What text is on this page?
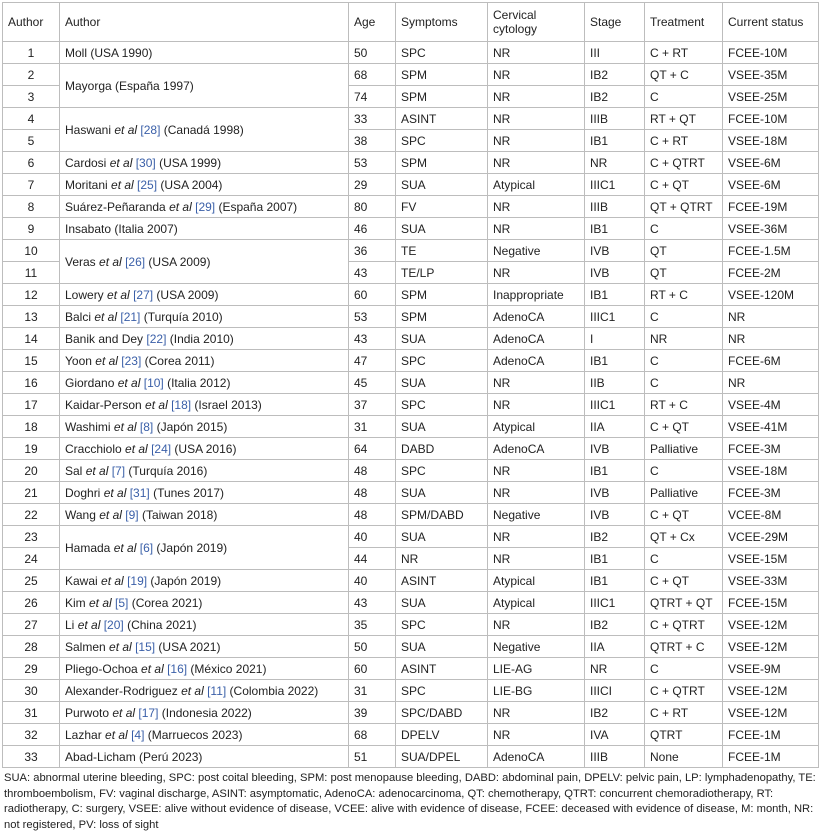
Author	Author	Age	Symptoms	Cervical cytology	Stage	Treatment	Current status
1	Moll (USA 1990)	50	SPC	NR	III	C + RT	FCEE-10M
2	Mayorga (España 1997)	68	SPM	NR	IB2	QT + C	VSEE-35M
3		74	SPM	NR	IB2	C	VSEE-25M
4	Haswani et al [28] (Canadá 1998)	33	ASINT	NR	IIIB	RT + QT	FCEE-10M
5		38	SPC	NR	IB1	C + RT	VSEE-18M
6	Cardosi et al [30] (USA 1999)	53	SPM	NR	NR	C + QTRT	VSEE-6M
7	Moritani et al [25] (USA 2004)	29	SUA	Atypical	IIIC1	C + QT	VSEE-6M
8	Suárez-Peñaranda et al [29] (España 2007)	80	FV	NR	IIIB	QT + QTRT	FCEE-19M
9	Insabato (Italia 2007)	46	SUA	NR	IB1	C	VSEE-36M
10	Veras et al [26] (USA 2009)	36	TE	Negative	IVB	QT	FCEE-1.5M
11		43	TE/LP	NR	IVB	QT	FCEE-2M
12	Lowery et al [27] (USA 2009)	60	SPM	Inappropriate	IB1	RT + C	VSEE-120M
13	Balci et al [21] (Turquía 2010)	53	SPM	AdenoCA	IIIC1	C	NR
14	Banik and Dey [22] (India 2010)	43	SUA	AdenoCA	I	NR	NR
15	Yoon et al [23] (Corea 2011)	47	SPC	AdenoCA	IB1	C	FCEE-6M
16	Giordano et al [10] (Italia 2012)	45	SUA	NR	IIB	C	NR
17	Kaidar-Person et al [18] (Israel 2013)	37	SPC	NR	IIIC1	RT + C	VSEE-4M
18	Washimi et al [8] (Japón 2015)	31	SUA	Atypical	IIA	C + QT	VSEE-41M
19	Cracchiolo et al [24] (USA 2016)	64	DABD	AdenoCA	IVB	Palliative	FCEE-3M
20	Sal et al [7] (Turquía 2016)	48	SPC	NR	IB1	C	VSEE-18M
21	Doghri et al [31] (Tunes 2017)	48	SUA	NR	IVB	Palliative	FCEE-3M
22	Wang et al [9] (Taiwan 2018)	48	SPM/DABD	Negative	IVB	C + QT	VCEE-8M
23	Hamada et al [6] (Japón 2019)	40	SUA	NR	IB2	QT + Cx	VCEE-29M
24		44	NR	NR	IB1	C	VSEE-15M
25	Kawai et al [19] (Japón 2019)	40	ASINT	Atypical	IB1	C + QT	VSEE-33M
26	Kim et al [5] (Corea 2021)	43	SUA	Atypical	IIIC1	QTRT + QT	FCEE-15M
27	Li et al [20] (China 2021)	35	SPC	NR	IB2	C + QTRT	VSEE-12M
28	Salmen et al [15] (USA 2021)	50	SUA	Negative	IIA	QTRT + C	VSEE-12M
29	Pliego-Ochoa et al [16] (México 2021)	60	ASINT	LIE-AG	NR	C	VSEE-9M
30	Alexander-Rodriguez et al [11] (Colombia 2022)	31	SPC	LIE-BG	IIICI	C + QTRT	VSEE-12M
31	Purwoto et al [17] (Indonesia 2022)	39	SPC/DABD	NR	IB2	C + RT	VSEE-12M
32	Lazhar et al [4] (Marruecos 2023)	68	DPELV	NR	IVA	QTRT	FCEE-1M
33	Abad-Licham (Perú 2023)	51	SUA/DPEL	AdenoCA	IIIB	None	FCEE-1M
SUA: abnormal uterine bleeding, SPC: post coital bleeding, SPM: post menopause bleeding, DABD: abdominal pain, DPELV: pelvic pain, LP: lymphadenopathy, TE: thromboembolism, FV: vaginal discharge, ASINT: asymptomatic, AdenoCA: adenocarcinoma, QT: chemotherapy, QTRT: concurrent chemoradiotherapy, RT: radiotherapy, C: surgery, VSEE: alive without evidence of disease, VCEE: alive with evidence of disease, FCEE: deceased with evidence of disease, M: month, NR: not registered, PV: loss of sight
